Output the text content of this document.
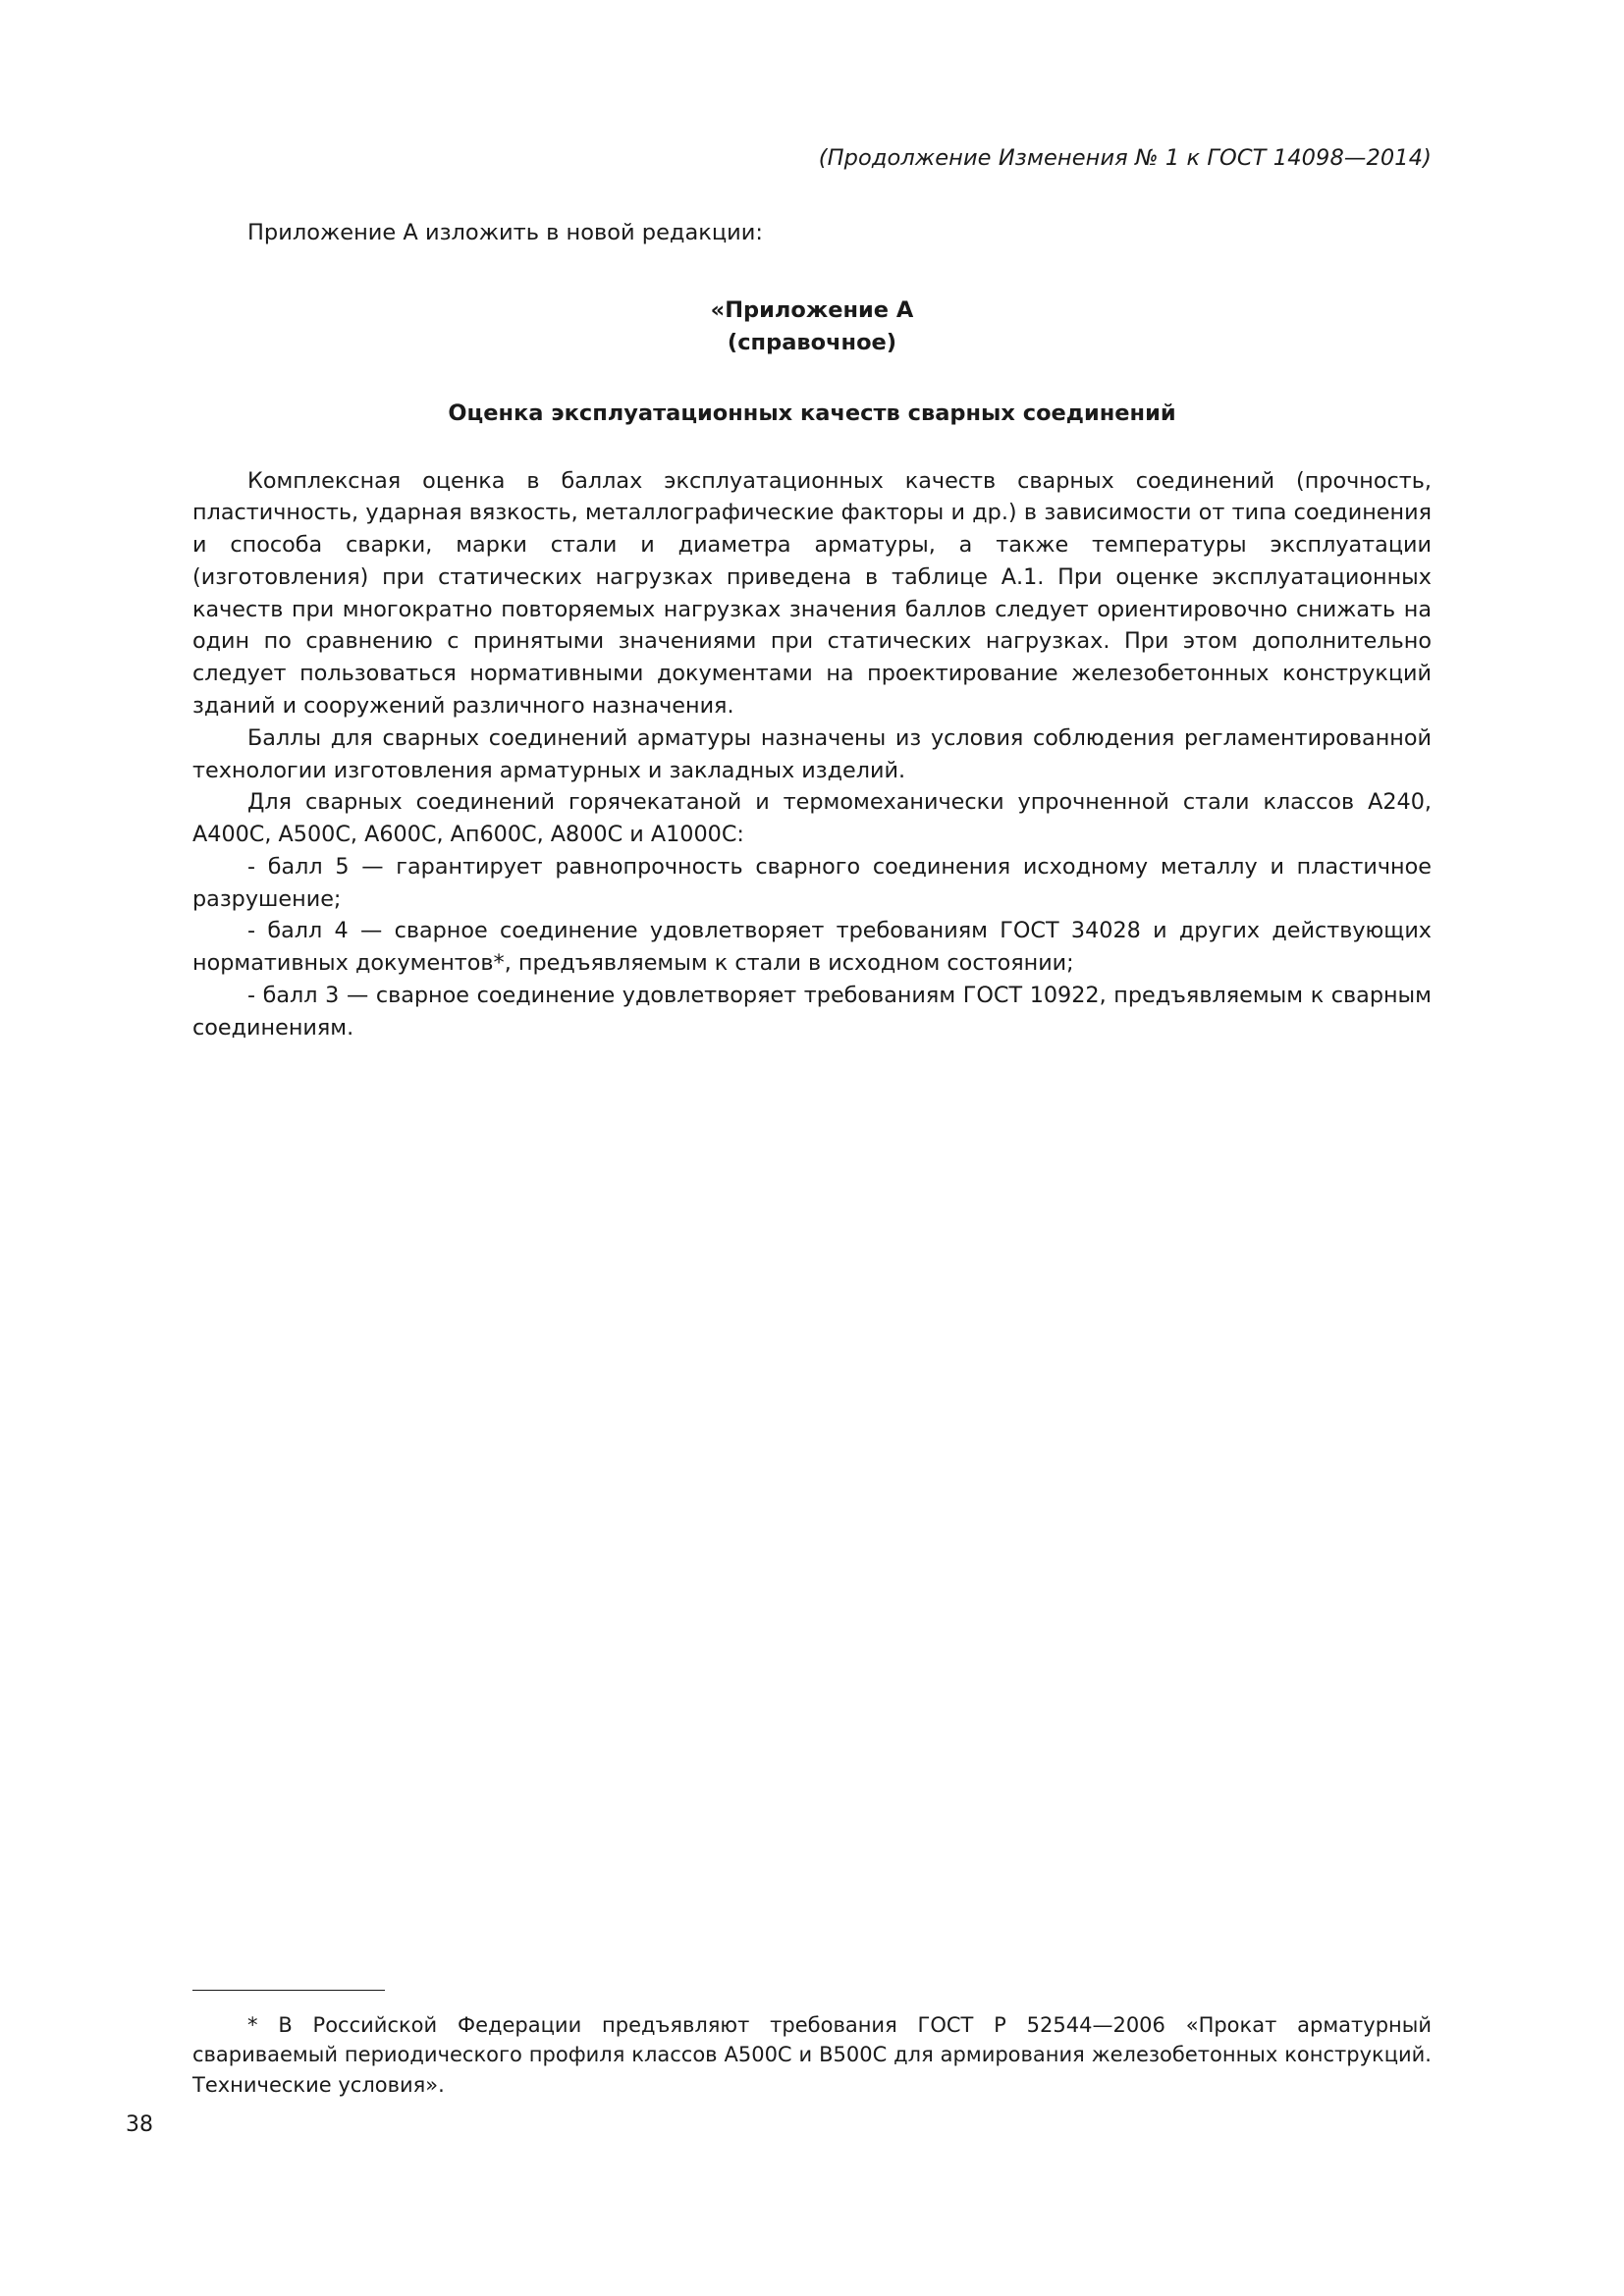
(Продолжение Изменения № 1 к ГОСТ 14098—2014)
Приложение А изложить в новой редакции:
«Приложение А
(справочное)
Оценка эксплуатационных качеств сварных соединений

Комплексная оценка в баллах эксплуатационных качеств сварных соединений (прочность, пластичность, ударная вязкость, металлографические факторы и др.) в зависимости от типа соединения и способа сварки, марки стали и диаметра арматуры, а также температуры эксплуатации (изготовления) при статических нагрузках приведена в таблице А.1. При оценке эксплуатационных качеств при многократно повторяемых нагрузках значения баллов следует ориентировочно снижать на один по сравнению с принятыми значениями при статических нагрузках. При этом дополнительно следует пользоваться нормативными документами на проектирование железобетонных конструкций зданий и сооружений различного назначения.

Баллы для сварных соединений арматуры назначены из условия соблюдения регламентированной технологии изготовления арматурных и закладных изделий.

Для сварных соединений горячекатаной и термомеханически упрочненной стали классов А240, А400С, А500С, А600С, Ап600С, А800С и А1000С:

- балл 5 — гарантирует равнопрочность сварного соединения исходному металлу и пластичное разрушение;

- балл 4 — сварное соединение удовлетворяет требованиям ГОСТ 34028 и других действующих нормативных документов*, предъявляемым к стали в исходном состоянии;

- балл 3 — сварное соединение удовлетворяет требованиям ГОСТ 10922, предъявляемым к сварным соединениям.

* В Российской Федерации предъявляют требования ГОСТ Р 52544—2006 «Прокат арматурный свариваемый периодического профиля классов А500С и В500С для армирования железобетонных конструкций. Технические условия».

38
